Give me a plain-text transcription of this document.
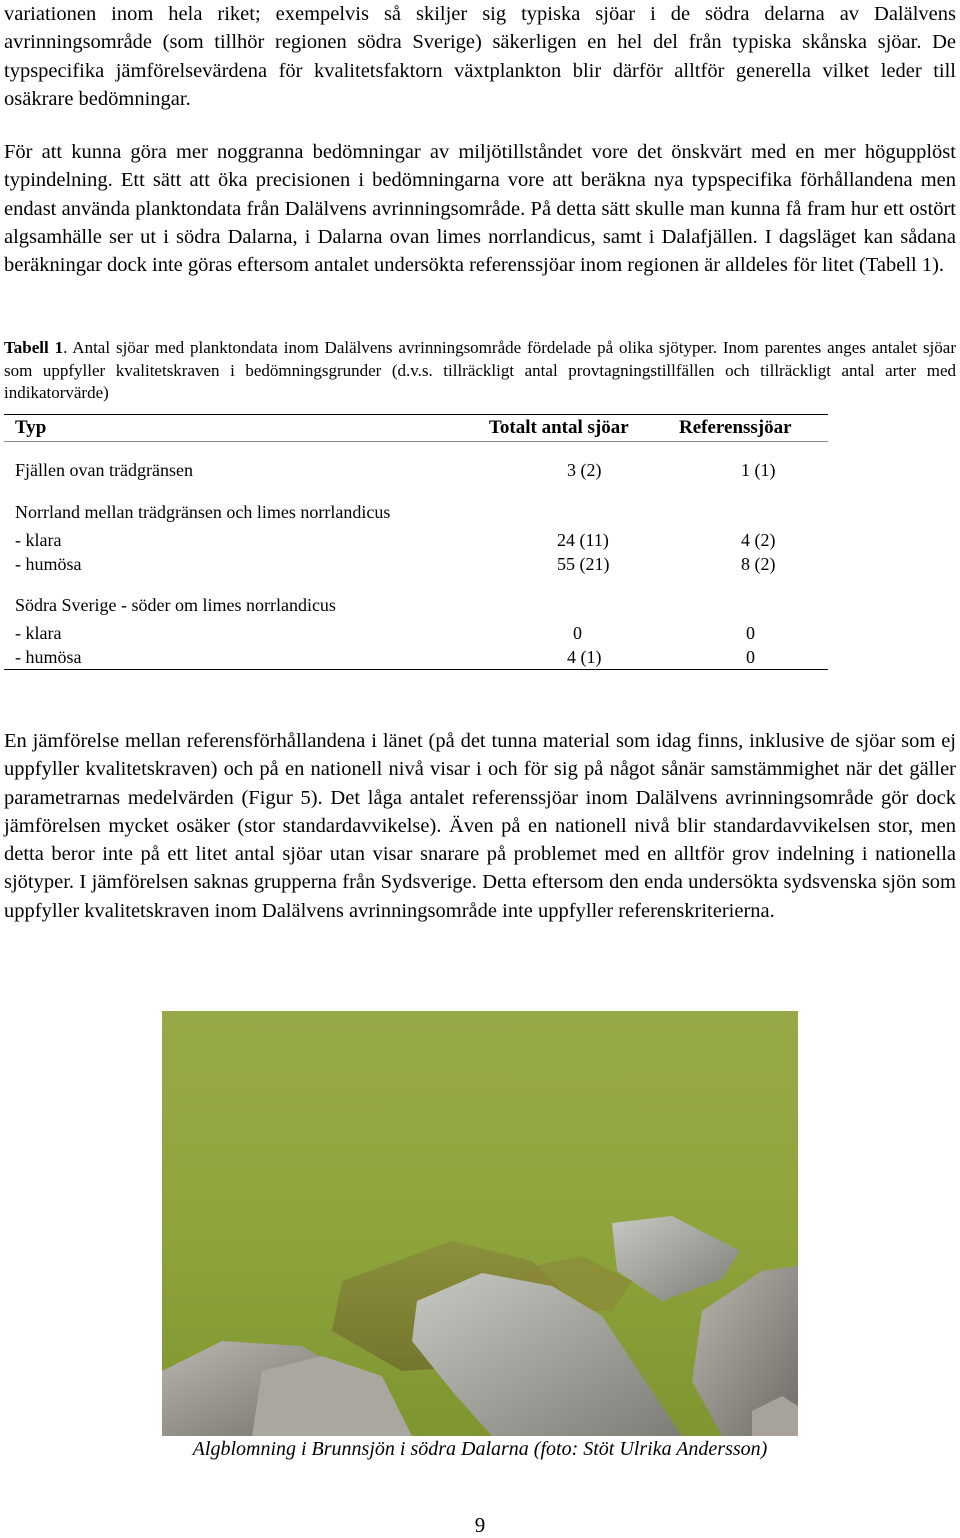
variationen inom hela riket; exempelvis så skiljer sig typiska sjöar i de södra delarna av Dalälvens avrinningsområde (som tillhör regionen södra Sverige) säkerligen en hel del från typiska skånska sjöar. De typspecifika jämförelsevärdena för kvalitetsfaktorn växtplankton blir därför alltför generella vilket leder till osäkrare bedömningar.

För att kunna göra mer noggranna bedömningar av miljötillståndet vore det önskvärt med en mer högupplöst typindelning. Ett sätt att öka precisionen i bedömningarna vore att beräkna nya typspecifika förhållandena men endast använda planktondata från Dalälvens avrinningsområde. På detta sätt skulle man kunna få fram hur ett ostört algsamhälle ser ut i södra Dalarna, i Dalarna ovan limes norrlandicus, samt i Dalafjällen. I dagsläget kan sådana beräkningar dock inte göras eftersom antalet undersökta referenssjöar inom regionen är alldeles för litet (Tabell 1).

Tabell 1. Antal sjöar med planktondata inom Dalälvens avrinningsområde fördelade på olika sjötyper. Inom parentes anges antalet sjöar som uppfyller kvalitetskraven i bedömningsgrunder (d.v.s. tillräckligt antal provtagningstillfällen och tillräckligt antal arter med indikatorvärde)

Typ	Totalt antal sjöar	Referenssjöar
Fjällen ovan trädgränsen	3 (2)	1 (1)
Norrland mellan trädgränsen och limes norrlandicus
- klara	24 (11)	4 (2)
- humösa	55 (21)	8 (2)
Södra Sverige - söder om limes norrlandicus
- klara	0	0
- humösa	4 (1)	0

En jämförelse mellan referensförhållandena i länet (på det tunna material som idag finns, inklusive de sjöar som ej uppfyller kvalitetskraven) och på en nationell nivå visar i och för sig på något sånär samstämmighet när det gäller parametrarnas medelvärden (Figur 5). Det låga antalet referenssjöar inom Dalälvens avrinningsområde gör dock jämförelsen mycket osäker (stor standardavvikelse). Även på en nationell nivå blir standardavvikelsen stor, men detta beror inte på ett litet antal sjöar utan visar snarare på problemet med en alltför grov indelning i nationella sjötyper. I jämförelsen saknas grupperna från Sydsverige. Detta eftersom den enda undersökta sydsvenska sjön som uppfyller kvalitetskraven inom Dalälvens avrinningsområde inte uppfyller referenskriterierna.

Algblomning i Brunnsjön i södra Dalarna (foto: Stöt Ulrika Andersson)
9
